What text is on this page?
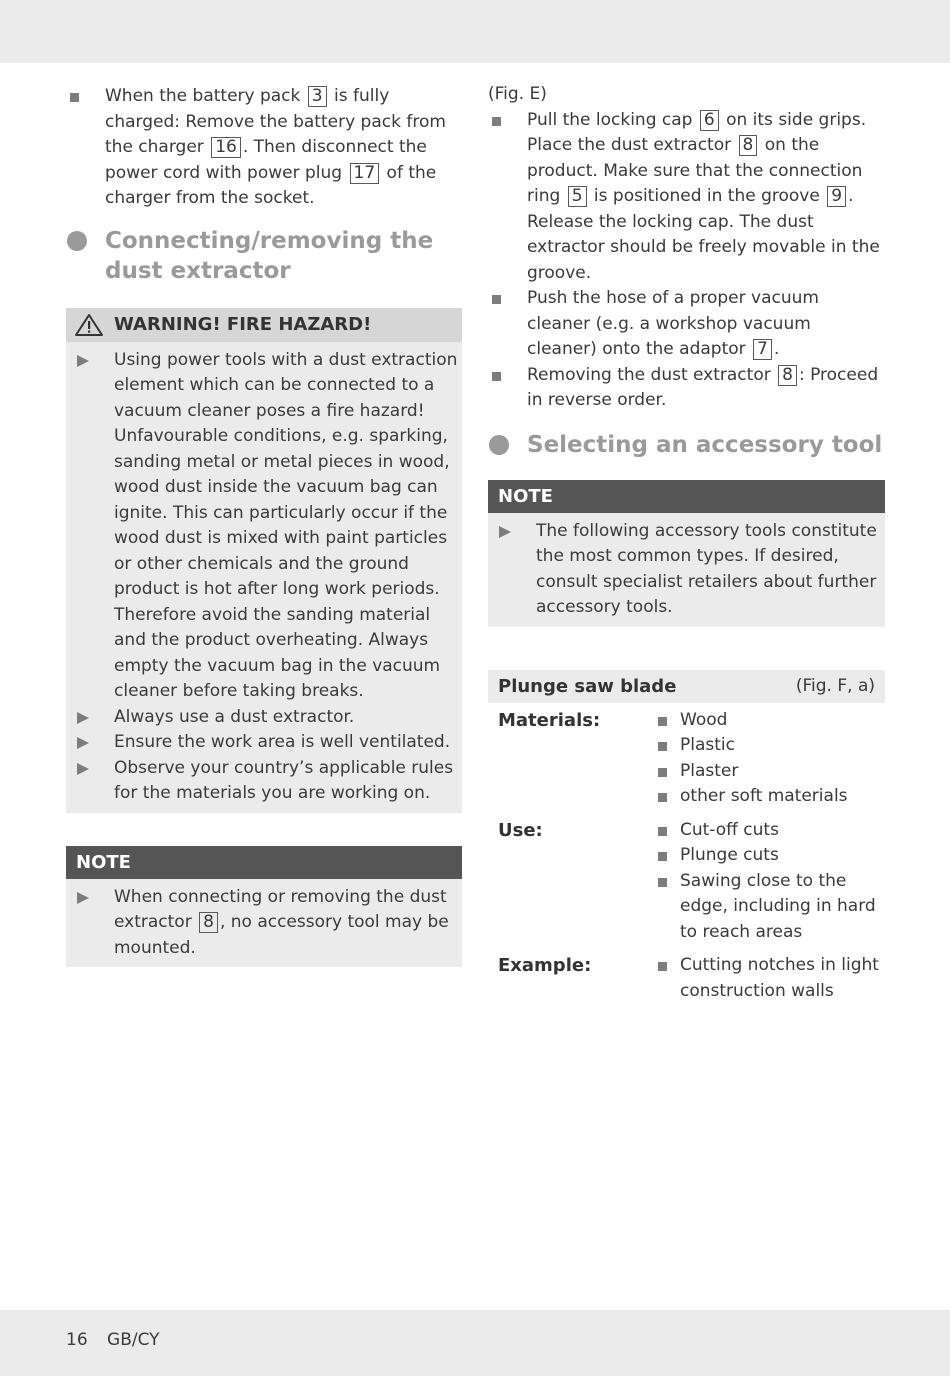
When the battery pack 3 is fully charged: Remove the battery pack from the charger 16 . Then disconnect the power cord with power plug 17 of the charger from the socket.
Connecting/removing the
dust extractor
WARNING! FIRE HAZARD!
Using power tools with a dust extraction element which can be connected to a vacuum cleaner poses a fire hazard! Unfavourable conditions, e.g. sparking, sanding metal or metal pieces in wood, wood dust inside the vacuum bag can ignite. This can particularly occur if the wood dust is mixed with paint particles or other chemicals and the ground product is hot after long work periods. Therefore avoid the sanding material and the product overheating. Always empty the vacuum bag in the vacuum cleaner before taking breaks.
Always use a dust extractor.
Ensure the work area is well ventilated.
Observe your country’s applicable rules for the materials you are working on.
NOTE
When connecting or removing the dust extractor 8 , no accessory tool may be mounted.
(Fig. E)
Pull the locking cap 6 on its side grips. Place the dust extractor 8 on the product. Make sure that the connection ring 5 is positioned in the groove 9 . Release the locking cap. The dust extractor should be freely movable in the groove.
Push the hose of a proper vacuum cleaner (e.g. a workshop vacuum cleaner) onto the adaptor 7 .
Removing the dust extractor 8 : Proceed in reverse order.
Selecting an accessory tool
NOTE
The following accessory tools constitute the most common types. If desired, consult specialist retailers about further accessory tools.
Plunge saw blade	(Fig. F, a)
Materials:	Wood
Plastic
Plaster
other soft materials
Use:	Cut-off cuts
Plunge cuts
Sawing close to the edge, including in hard to reach areas
Example:	Cutting notches in light construction walls
16 GB/CY
